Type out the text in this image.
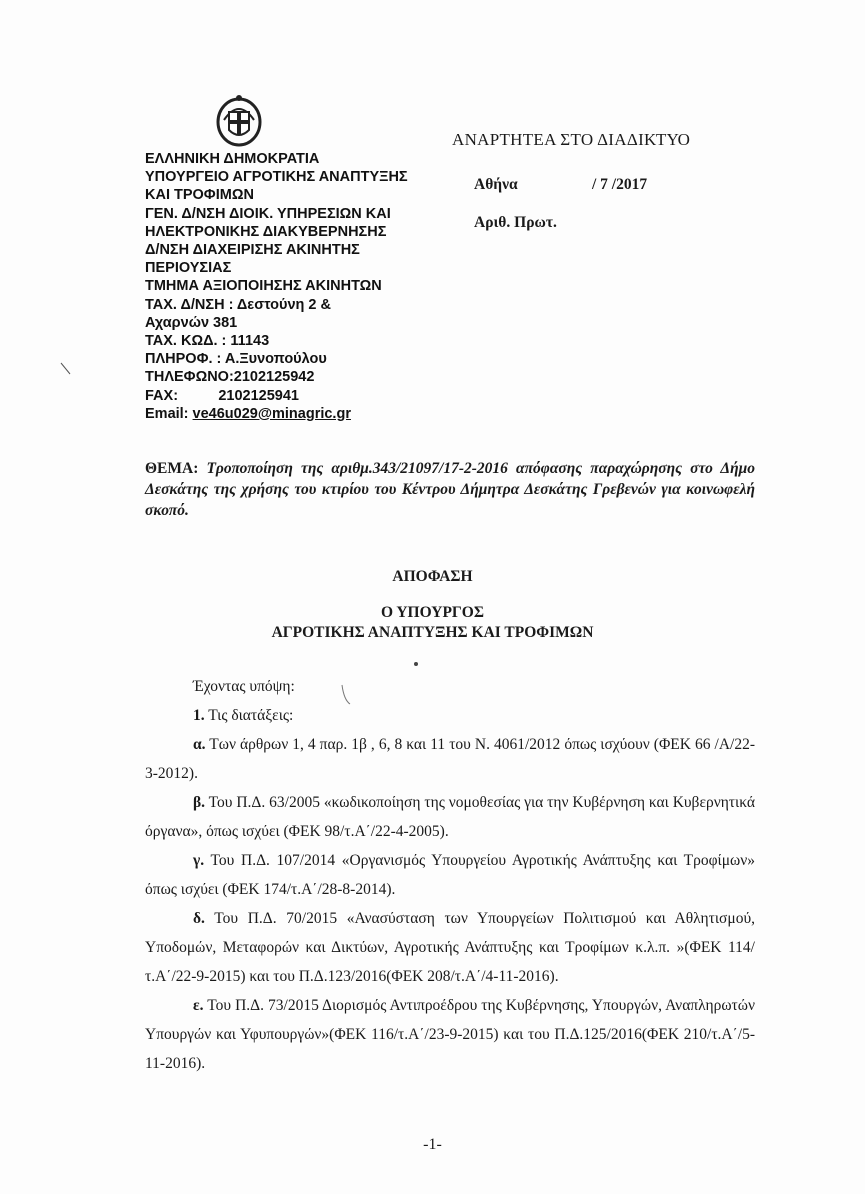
ΕΛΛΗΝΙΚΗ ΔΗΜΟΚΡΑΤΙΑ
ΥΠΟΥΡΓΕΙΟ ΑΓΡΟΤΙΚΗΣ ΑΝΑΠΤΥΞΗΣ
ΚΑΙ ΤΡΟΦΙΜΩΝ
ΓΕΝ. Δ/ΝΣΗ ΔΙΟΙΚ. ΥΠΗΡΕΣΙΩΝ ΚΑΙ
ΗΛΕΚΤΡΟΝΙΚΗΣ ΔΙΑΚΥΒΕΡΝΗΣΗΣ
Δ/ΝΣΗ ΔΙΑΧΕΙΡΙΣΗΣ ΑΚΙΝΗΤΗΣ
ΠΕΡΙΟΥΣΙΑΣ
ΤΜΗΜΑ ΑΞΙΟΠΟΙΗΣΗΣ ΑΚΙΝΗΤΩΝ
ΤΑΧ. Δ/ΝΣΗ : Δεστούνη 2 &
Αχαρνών 381
ΤΑΧ. ΚΩΔ. : 11143
ΠΛΗΡΟΦ. : Α.Ξυνοπούλου
ΤΗΛΕΦΩΝΟ:2102125942
FAX:          2102125941
Email: ve46u029@minagric.gr
ΑΝΑΡΤΗΤΕΑ ΣΤΟ ΔΙΑΔΙΚΤΥΟ
Αθήνα	/ 7 /2017
Αριθ. Πρωτ.
ΘΕΜΑ: Τροποποίηση της αριθμ.343/21097/17-2-2016 απόφασης παραχώρησης στο Δήμο Δεσκάτης της χρήσης του κτιρίου του Κέντρου Δήμητρα Δεσκάτης Γρεβενών για κοινωφελή σκοπό.
ΑΠΟΦΑΣΗ
Ο ΥΠΟΥΡΓΟΣ
ΑΓΡΟΤΙΚΗΣ ΑΝΑΠΤΥΞΗΣ ΚΑΙ ΤΡΟΦΙΜΩΝ

Έχοντας υπόψη:

1. Τις διατάξεις:

α. Των άρθρων 1, 4 παρ. 1β , 6, 8 και 11 του Ν. 4061/2012 όπως ισχύουν (ΦΕΚ 66 /Α/22-3-2012).

β. Του Π.Δ. 63/2005 «κωδικοποίηση της νομοθεσίας για την Κυβέρνηση και Κυβερνητικά όργανα», όπως ισχύει (ΦΕΚ 98/τ.Α΄/22-4-2005).

γ. Του Π.Δ. 107/2014 «Οργανισμός Υπουργείου Αγροτικής Ανάπτυξης και Τροφίμων» όπως ισχύει (ΦΕΚ 174/τ.Α΄/28-8-2014).

δ. Του Π.Δ. 70/2015 «Ανασύσταση των Υπουργείων Πολιτισμού και Αθλητισμού, Υποδομών, Μεταφορών και Δικτύων, Αγροτικής Ανάπτυξης και Τροφίμων κ.λ.π. »(ΦΕΚ 114/τ.Α΄/22-9-2015) και του Π.Δ.123/2016(ΦΕΚ 208/τ.Α΄/4-11-2016).

ε. Του Π.Δ. 73/2015 Διορισμός Αντιπροέδρου της Κυβέρνησης, Υπουργών, Αναπληρωτών Υπουργών και Υφυπουργών»(ΦΕΚ 116/τ.Α΄/23-9-2015) και του Π.Δ.125/2016(ΦΕΚ 210/τ.Α΄/5-11-2016).

-1-
